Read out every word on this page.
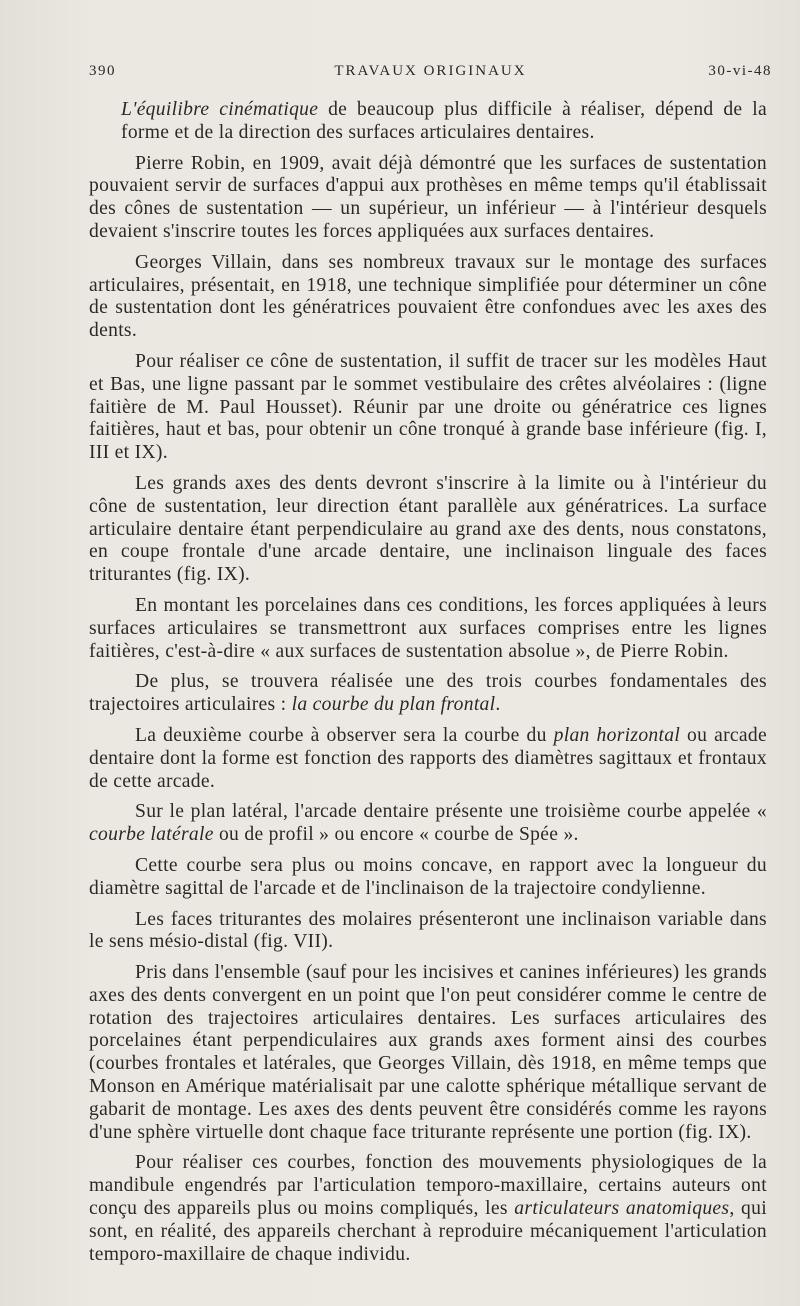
390	TRAVAUX ORIGINAUX	30-vi-48

L'équilibre cinématique de beaucoup plus difficile à réaliser, dépend de la forme et de la direction des surfaces articulaires dentaires.

Pierre Robin, en 1909, avait déjà démontré que les surfaces de sustentation pouvaient servir de surfaces d'appui aux prothèses en même temps qu'il établissait des cônes de sustentation — un supérieur, un inférieur — à l'intérieur desquels devaient s'inscrire toutes les forces appliquées aux surfaces dentaires.

Georges Villain, dans ses nombreux travaux sur le montage des surfaces articulaires, présentait, en 1918, une technique simplifiée pour déterminer un cône de sustentation dont les génératrices pouvaient être confondues avec les axes des dents.

Pour réaliser ce cône de sustentation, il suffit de tracer sur les modèles Haut et Bas, une ligne passant par le sommet vestibulaire des crêtes alvéolaires : (ligne faitière de M. Paul Housset). Réunir par une droite ou génératrice ces lignes faitières, haut et bas, pour obtenir un cône tronqué à grande base inférieure (fig. I, III et IX).

Les grands axes des dents devront s'inscrire à la limite ou à l'intérieur du cône de sustentation, leur direction étant parallèle aux génératrices. La surface articulaire dentaire étant perpendiculaire au grand axe des dents, nous constatons, en coupe frontale d'une arcade dentaire, une inclinaison linguale des faces triturantes (fig. IX).

En montant les porcelaines dans ces conditions, les forces appliquées à leurs surfaces articulaires se transmettront aux surfaces comprises entre les lignes faitières, c'est-à-dire « aux surfaces de sustentation absolue », de Pierre Robin.

De plus, se trouvera réalisée une des trois courbes fondamentales des trajectoires articulaires : la courbe du plan frontal.

La deuxième courbe à observer sera la courbe du plan horizontal ou arcade dentaire dont la forme est fonction des rapports des diamètres sagittaux et frontaux de cette arcade.

Sur le plan latéral, l'arcade dentaire présente une troisième courbe appelée « courbe latérale ou de profil » ou encore « courbe de Spée ».

Cette courbe sera plus ou moins concave, en rapport avec la longueur du diamètre sagittal de l'arcade et de l'inclinaison de la trajectoire condylienne.

Les faces triturantes des molaires présenteront une inclinaison variable dans le sens mésio-distal (fig. VII).

Pris dans l'ensemble (sauf pour les incisives et canines inférieures) les grands axes des dents convergent en un point que l'on peut considérer comme le centre de rotation des trajectoires articulaires dentaires. Les surfaces articulaires des porcelaines étant perpendiculaires aux grands axes forment ainsi des courbes (courbes frontales et latérales, que Georges Villain, dès 1918, en même temps que Monson en Amérique matérialisait par une calotte sphérique métallique servant de gabarit de montage. Les axes des dents peuvent être considérés comme les rayons d'une sphère virtuelle dont chaque face triturante représente une portion (fig. IX).

Pour réaliser ces courbes, fonction des mouvements physiologiques de la mandibule engendrés par l'articulation temporo-maxillaire, certains auteurs ont conçu des appareils plus ou moins compliqués, les articulateurs anatomiques, qui sont, en réalité, des appareils cherchant à reproduire mécaniquement l'articulation temporo-maxillaire de chaque individu.
